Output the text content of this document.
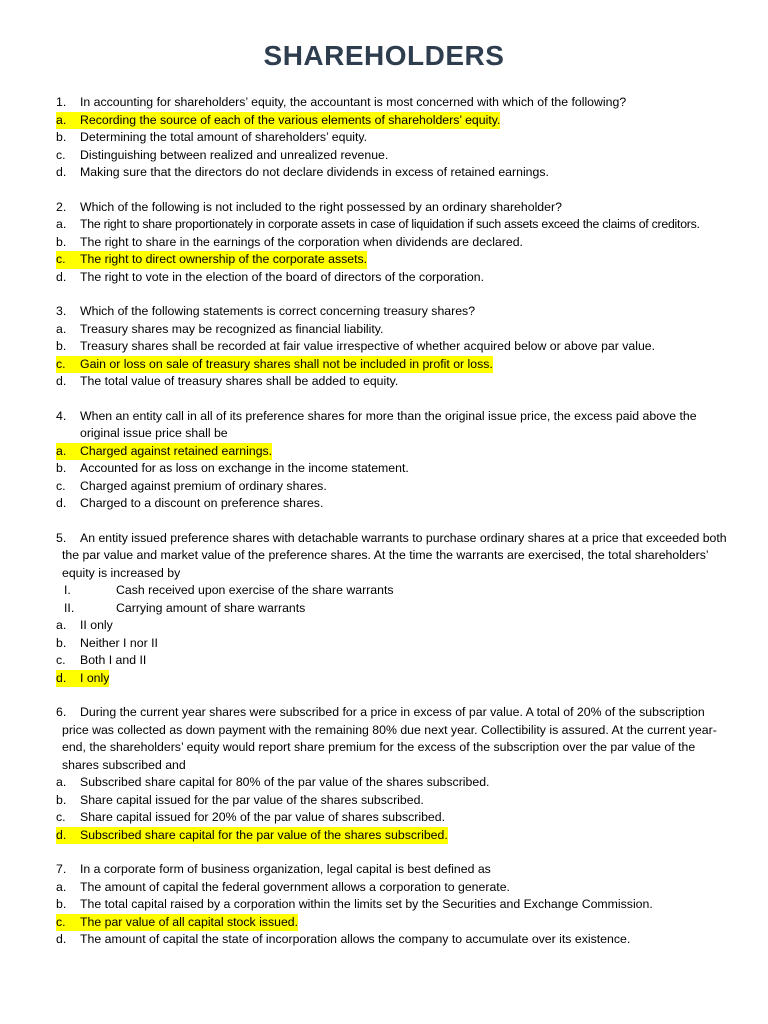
SHAREHOLDERS
1.	In accounting for shareholders’ equity, the accountant is most concerned with which of the following?
a.	Recording the source of each of the various elements of shareholders’ equity.
b.	Determining the total amount of shareholders’ equity.
c.	Distinguishing between realized and unrealized revenue.
d.	Making sure that the directors do not declare dividends in excess of retained earnings.
2.	Which of the following is not included to the right possessed by an ordinary shareholder?
a.	The right to share proportionately in corporate assets in case of liquidation if such assets exceed the claims of creditors.
b.	The right to share in the earnings of the corporation when dividends are declared.
c.	The right to direct ownership of the corporate assets.
d.	The right to vote in the election of the board of directors of the corporation.
3.	Which of the following statements is correct concerning treasury shares?
a.	Treasury shares may be recognized as financial liability.
b.	Treasury shares shall be recorded at fair value irrespective of whether acquired below or above par value.
c.	Gain or loss on sale of treasury shares shall not be included in profit or loss.
d.	The total value of treasury shares shall be added to equity.
4.	When an entity call in all of its preference shares for more than the original issue price, the excess paid above the
original issue price shall be
a.	Charged against retained earnings.
b.	Accounted for as loss on exchange in the income statement.
c.	Charged against premium of ordinary shares.
d.	Charged to a discount on preference shares.
5.	An entity issued preference shares with detachable warrants to purchase ordinary shares at a price that exceeded both
the par value and market value of the preference shares. At the time the warrants are exercised, the total shareholders’
equity is increased by
I.	Cash received upon exercise of the share warrants
II.	Carrying amount of share warrants
a.	II only
b.	Neither I nor II
c.	Both I and II
d.	I only
6.	During the current year shares were subscribed for a price in excess of par value. A total of 20% of the subscription
price was collected as down payment with the remaining 80% due next year. Collectibility is assured. At the current year-
end, the shareholders’ equity would report share premium for the excess of the subscription over the par value of the
shares subscribed and
a.	Subscribed share capital for 80% of the par value of the shares subscribed.
b.	Share capital issued for the par value of the shares subscribed.
c.	Share capital issued for 20% of the par value of shares subscribed.
d.	Subscribed share capital for the par value of the shares subscribed.
7.	In a corporate form of business organization, legal capital is best defined as
a.	The amount of capital the federal government allows a corporation to generate.
b.	The total capital raised by a corporation within the limits set by the Securities and Exchange Commission.
c.	The par value of all capital stock issued.
d.	The amount of capital the state of incorporation allows the company to accumulate over its existence.
